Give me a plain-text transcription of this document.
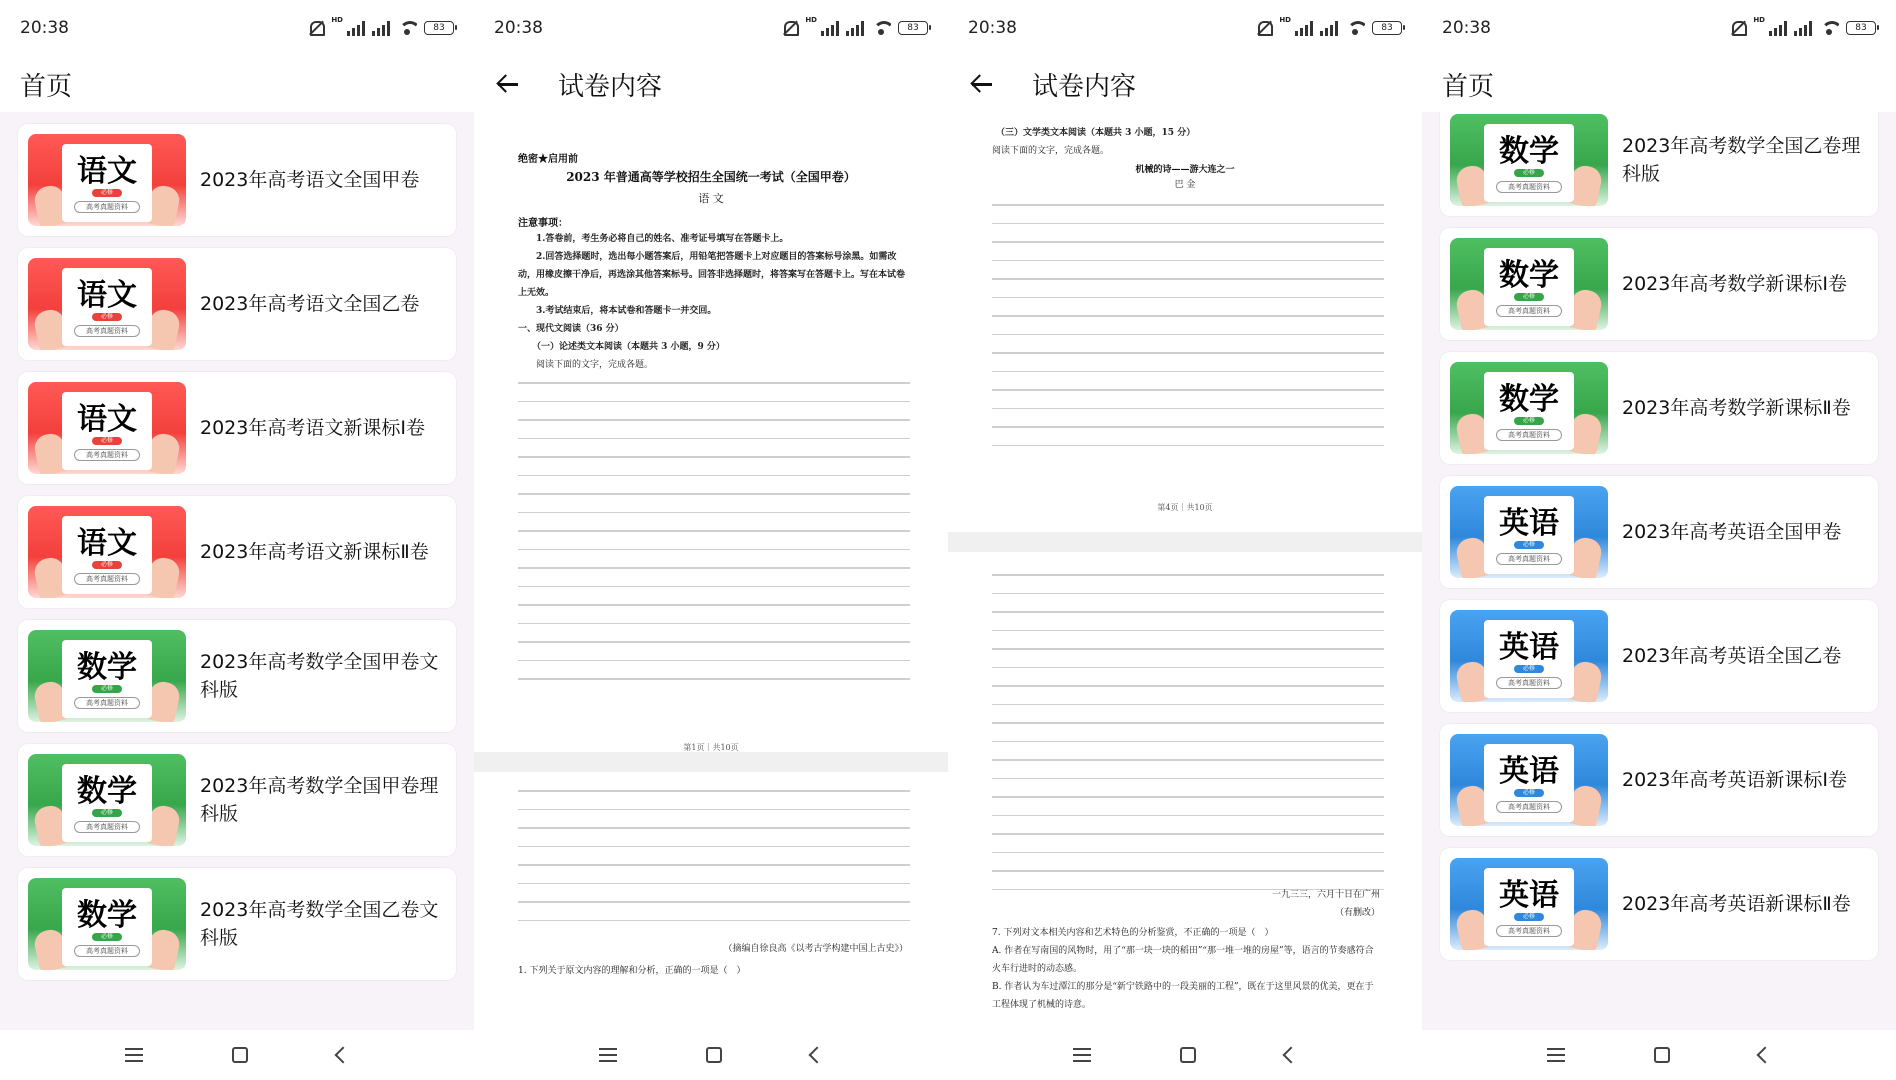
20:38	HD
83
首页
语文
必修
高考真题资料
2023年高考语文全国甲卷
语文
必修
高考真题资料
2023年高考语文全国乙卷
语文
必修
高考真题资料
2023年高考语文新课标Ⅰ卷
语文
必修
高考真题资料
2023年高考语文新课标Ⅱ卷
数学
必修
高考真题资料
2023年高考数学全国甲卷文科版
数学
必修
高考真题资料
2023年高考数学全国甲卷理科版
数学
必修
高考真题资料
2023年高考数学全国乙卷文科版
20:38	HD
83
试卷内容
绝密★启用前
2023 年普通高等学校招生全国统一考试（全国甲卷）
语 文
注意事项：
1.答卷前，考生务必将自己的姓名、准考证号填写在答题卡上。
2.回答选择题时，选出每小题答案后，用铅笔把答题卡上对应题目的答案标号涂黑。如需改动，用橡皮擦干净后，再选涂其他答案标号。回答非选择题时，将答案写在答题卡上。写在本试卷上无效。
3.考试结束后，将本试卷和答题卡一并交回。
一、现代文阅读（36 分）
（一）论述类文本阅读（本题共 3 小题，9 分）
阅读下面的文字，完成各题。
第1页｜共10页
（摘编自徐良高《以考古学构建中国上古史》）
1. 下列关于原文内容的理解和分析，正确的一项是（　）
20:38	HD
83
试卷内容
（三）文学类文本阅读（本题共 3 小题，15 分）
阅读下面的文字，完成各题。
机械的诗——游大连之一
巴 金
第4页｜共10页
一九三三，六月十日在广州
（有删改）
7. 下列对文本相关内容和艺术特色的分析鉴赏，不正确的一项是（　）
A. 作者在写南国的风物时，用了“那一块一块的稻田”“那一堆一堆的房屋”等，语言的节奏感符合火车行进时的动态感。
B. 作者认为车过潭江的那分是“新宁铁路中的一段美丽的工程”，既在于这里风景的优美，更在于工程体现了机械的诗意。
20:38	HD
83
首页
数学
必修
高考真题资料
2023年高考数学全国乙卷理科版
数学
必修
高考真题资料
2023年高考数学新课标Ⅰ卷
数学
必修
高考真题资料
2023年高考数学新课标Ⅱ卷
英语
必修
高考真题资料
2023年高考英语全国甲卷
英语
必修
高考真题资料
2023年高考英语全国乙卷
英语
必修
高考真题资料
2023年高考英语新课标Ⅰ卷
英语
必修
高考真题资料
2023年高考英语新课标Ⅱ卷
